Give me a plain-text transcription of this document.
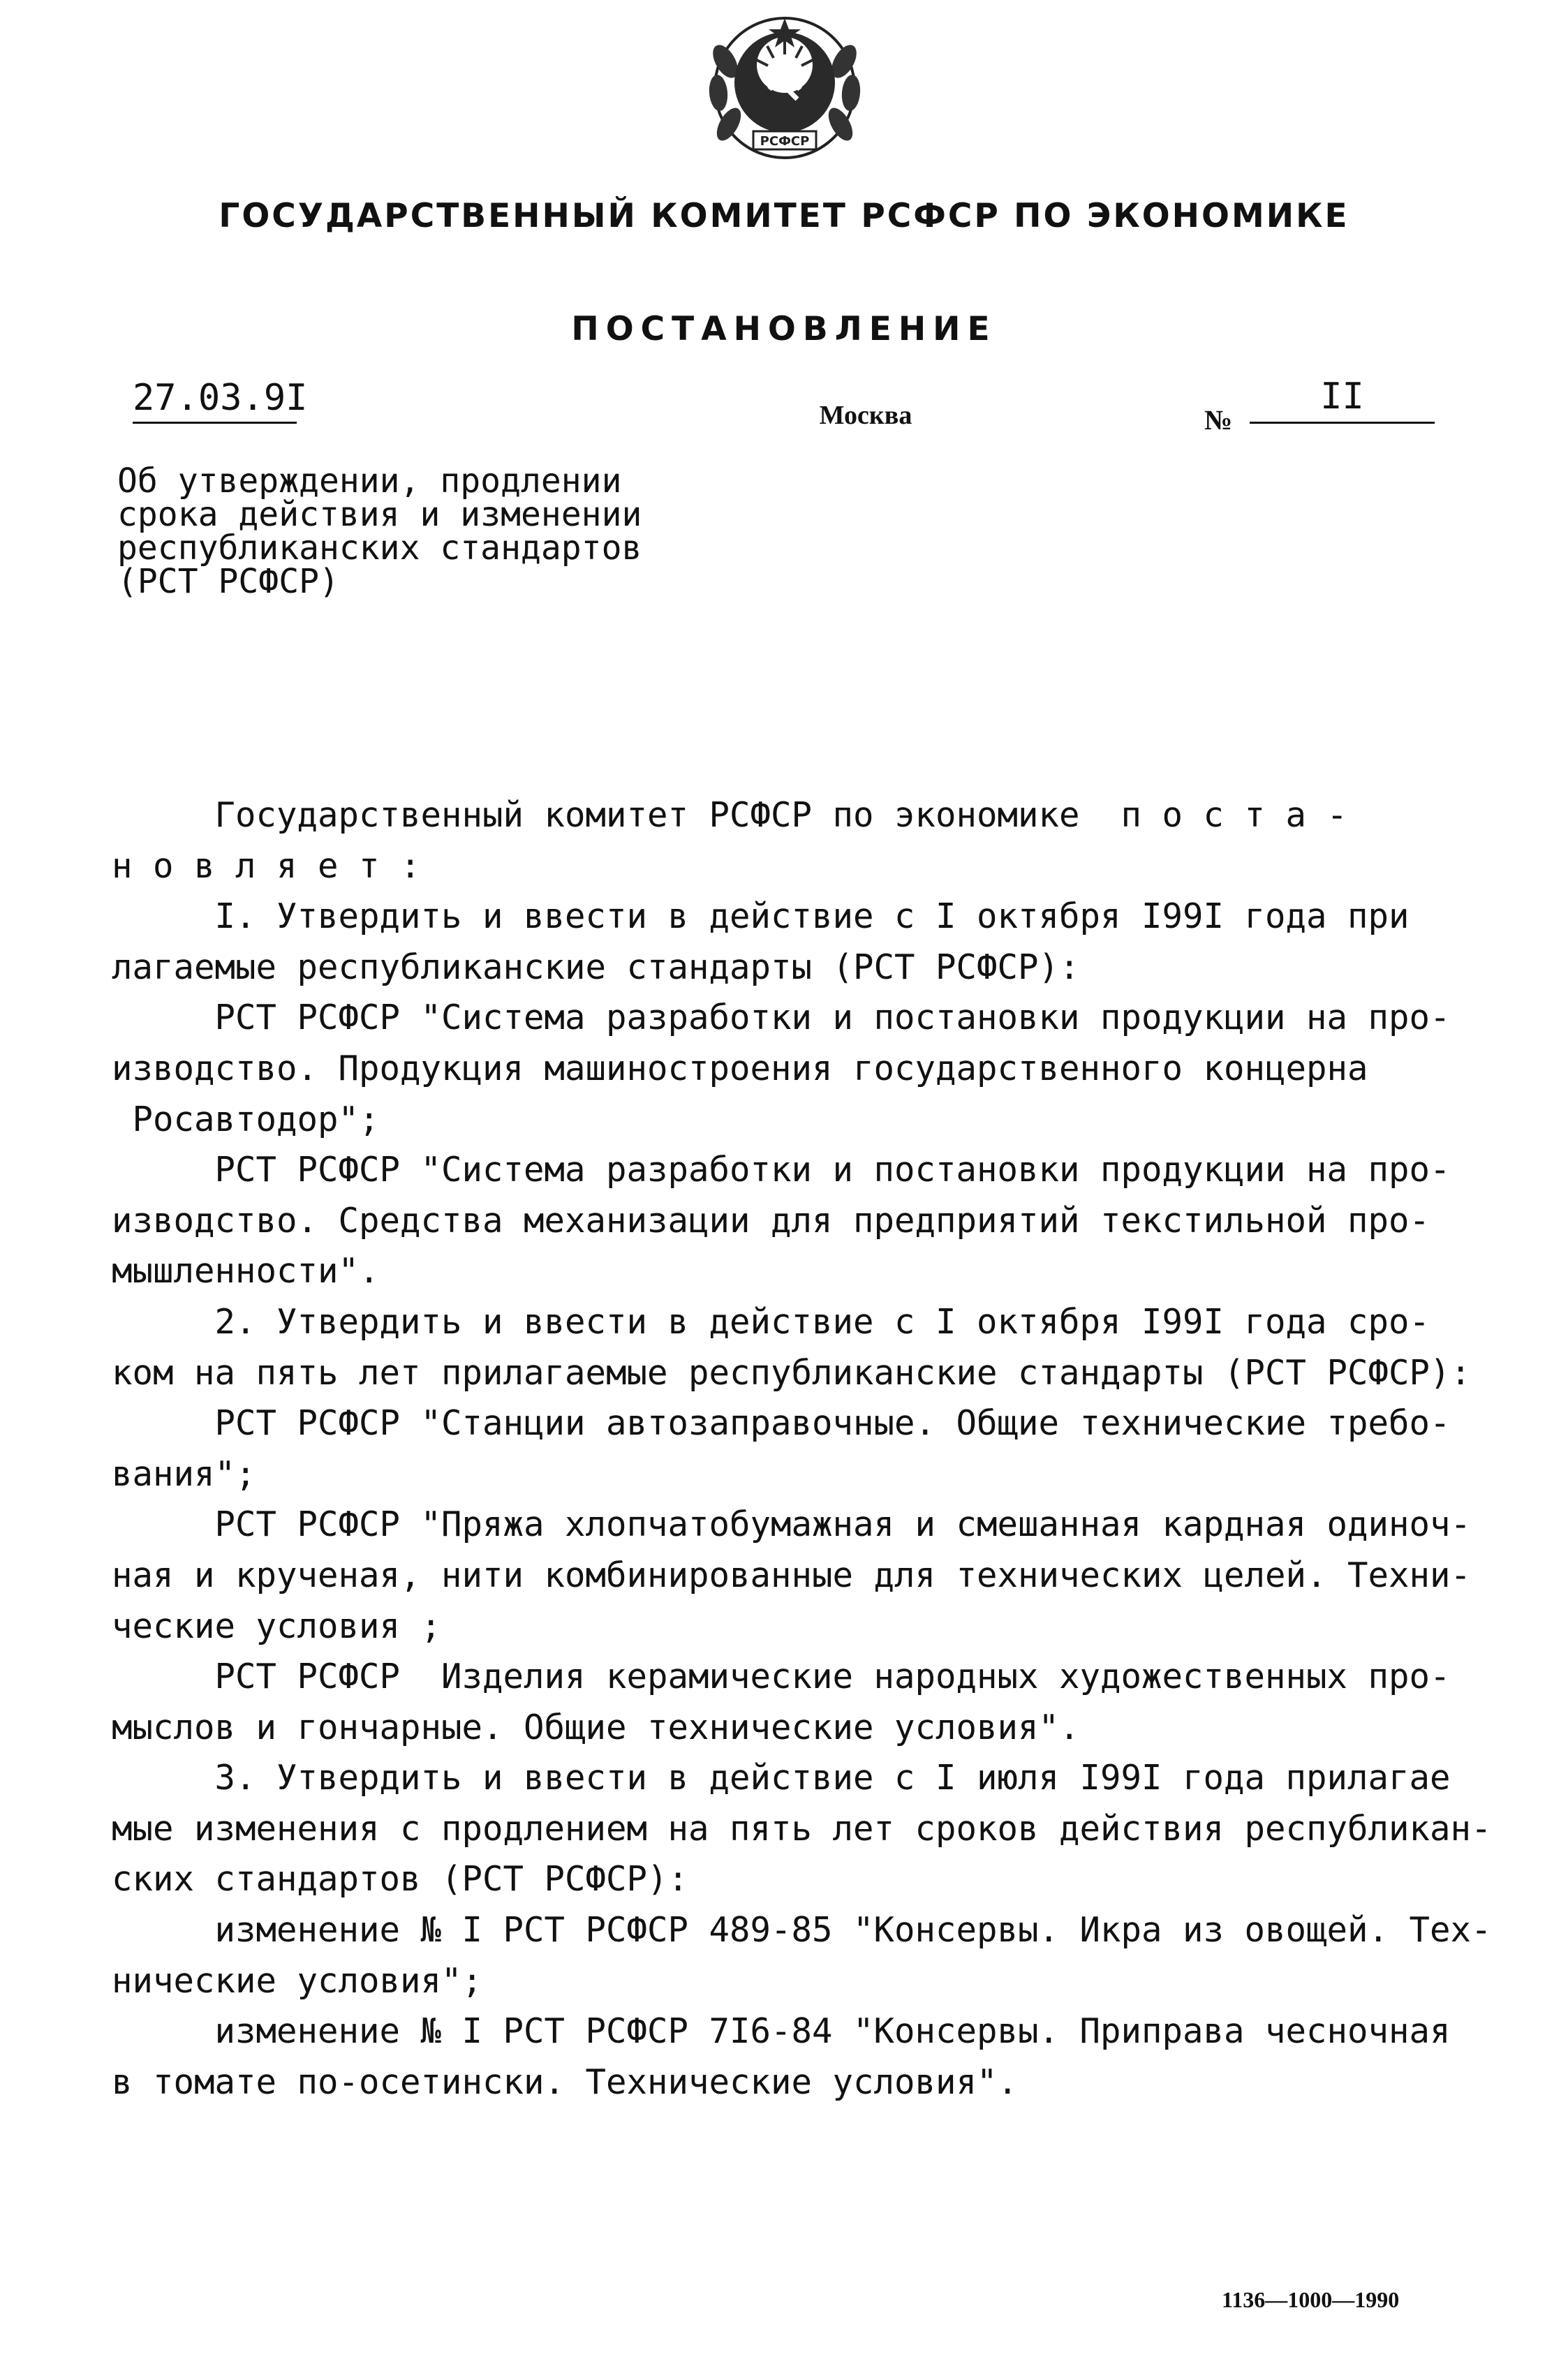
РСФСР
ГОСУДАРСТВЕННЫЙ КОМИТЕТ РСФСР ПО ЭКОНОМИКЕ
ПОСТАНОВЛЕНИЕ
27.03.9I	Москва	№
II
Об утверждении, продлении
срока действия и изменении
республиканских стандартов
(РСТ РСФСР)
Государственный комитет РСФСР по экономике  п о с т а -
н о в л я е т :
I. Утвердить и ввести в действие с I октября I99I года при
лагаемые республиканские стандарты (РСТ РСФСР):
РСТ РСФСР "Система разработки и постановки продукции на про-
изводство. Продукция машиностроения государственного концерна
Росавтодор";
РСТ РСФСР "Система разработки и постановки продукции на про-
изводство. Средства механизации для предприятий текстильной про-
мышленности".
2. Утвердить и ввести в действие с I октября I99I года сро-
ком на пять лет прилагаемые республиканские стандарты (РСТ РСФСР):
РСТ РСФСР "Станции автозаправочные. Общие технические требо-
вания";
РСТ РСФСР "Пряжа хлопчатобумажная и смешанная кардная одиноч-
ная и крученая, нити комбинированные для технических целей. Техни-
ческие условия ;
РСТ РСФСР  Изделия керамические народных художественных про-
мыслов и гончарные. Общие технические условия".
3. Утвердить и ввести в действие с I июля I99I года прилагае
мые изменения с продлением на пять лет сроков действия республикан-
ских стандартов (РСТ РСФСР):
изменение № I РСТ РСФСР 489-85 "Консервы. Икра из овощей. Тех-
нические условия";
изменение № I РСТ РСФСР 7I6-84 "Консервы. Приправа чесночная
в томате по-осетински. Технические условия".
1136—1000—1990
